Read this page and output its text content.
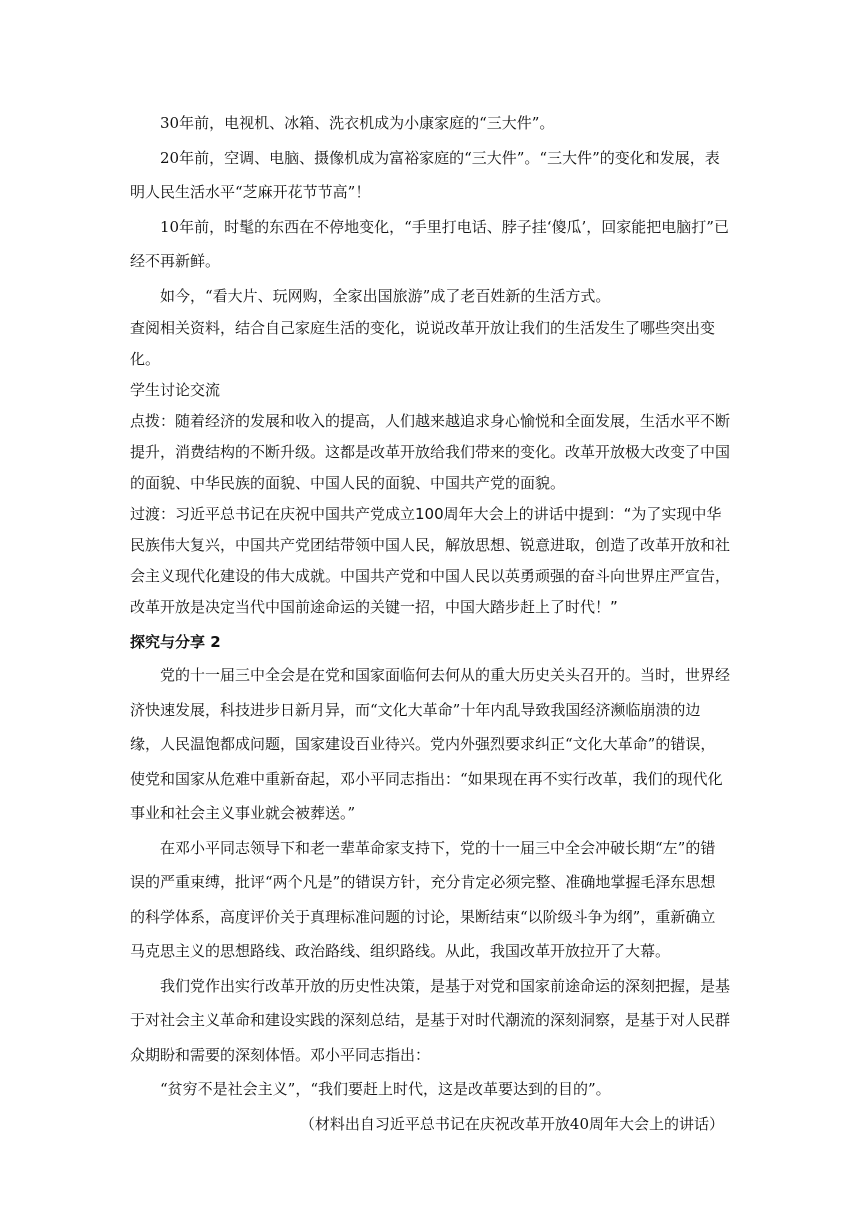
30年前，电视机、冰箱、洗衣机成为小康家庭的“三大件”。

20年前，空调、电脑、摄像机成为富裕家庭的“三大件”。“三大件”的变化和发展，表明人民生活水平“芝麻开花节节高”！

10年前，时髦的东西在不停地变化，“手里打电话、脖子挂‘傻瓜’，回家能把电脑打”已经不再新鲜。

如今，“看大片、玩网购，全家出国旅游”成了老百姓新的生活方式。

查阅相关资料，结合自己家庭生活的变化，说说改革开放让我们的生活发生了哪些突出变化。

学生讨论交流

点拨：随着经济的发展和收入的提高，人们越来越追求身心愉悦和全面发展，生活水平不断提升，消费结构的不断升级。这都是改革开放给我们带来的变化。改革开放极大改变了中国的面貌、中华民族的面貌、中国人民的面貌、中国共产党的面貌。

过渡：习近平总书记在庆祝中国共产党成立100周年大会上的讲话中提到：“为了实现中华民族伟大复兴，中国共产党团结带领中国人民，解放思想、锐意进取，创造了改革开放和社会主义现代化建设的伟大成就。中国共产党和中国人民以英勇顽强的奋斗向世界庄严宣告，改革开放是决定当代中国前途命运的关键一招，中国大踏步赶上了时代！”

探究与分享 2

党的十一届三中全会是在党和国家面临何去何从的重大历史关头召开的。当时，世界经济快速发展，科技进步日新月异，而“文化大革命”十年内乱导致我国经济濒临崩溃的边缘，人民温饱都成问题，国家建设百业待兴。党内外强烈要求纠正“文化大革命”的错误，使党和国家从危难中重新奋起，邓小平同志指出：“如果现在再不实行改革，我们的现代化事业和社会主义事业就会被葬送。”

在邓小平同志领导下和老一辈革命家支持下，党的十一届三中全会冲破长期“左”的错误的严重束缚，批评“两个凡是”的错误方针，充分肯定必须完整、准确地掌握毛泽东思想的科学体系，高度评价关于真理标准问题的讨论，果断结束“以阶级斗争为纲”，重新确立马克思主义的思想路线、政治路线、组织路线。从此，我国改革开放拉开了大幕。

我们党作出实行改革开放的历史性决策，是基于对党和国家前途命运的深刻把握，是基于对社会主义革命和建设实践的深刻总结，是基于对时代潮流的深刻洞察，是基于对人民群众期盼和需要的深刻体悟。邓小平同志指出：

“贫穷不是社会主义”，“我们要赶上时代，这是改革要达到的目的”。

（材料出自习近平总书记在庆祝改革开放40周年大会上的讲话）
